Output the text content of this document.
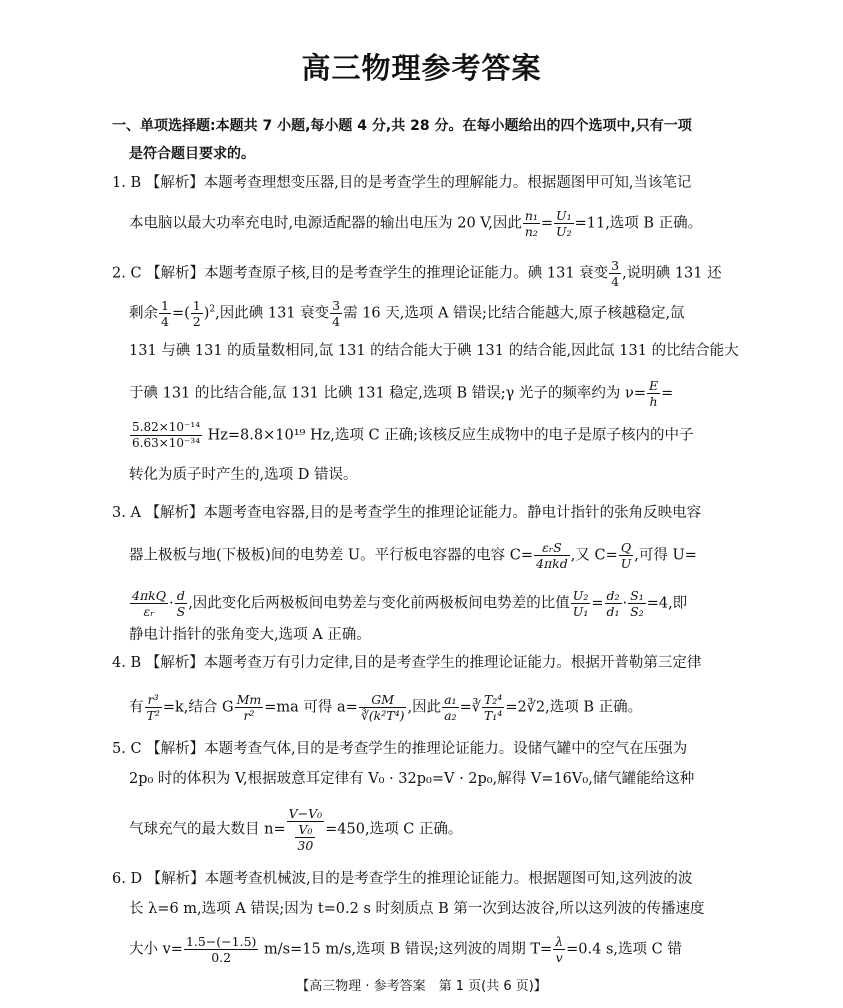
高三物理参考答案
一、单项选择题:本题共 7 小题,每小题 4 分,共 28 分。在每小题给出的四个选项中,只有一项
是符合题目要求的。
1. B 【解析】本题考查理想变压器,目的是考查学生的理解能力。根据题图甲可知,当该笔记
本电脑以最大功率充电时,电源适配器的输出电压为 20 V,因此 $\frac{\text{n₁}}{\text{n₂}} = \frac{\text{U₁}}{\text{U₂}} =11$,选项 B 正确。
2. C 【解析】本题考查原子核,目的是考查学生的推理论证能力。碘 131 衰变 $\frac{3}{4}$ ,说明碘 131 还
剩余 $\frac{1}{4}$ =( $\frac{1}{2} )^2$,因此碘 131 衰变 $\frac{3}{4}$ 需 16 天,选项 A 错误;比结合能越大,原子核越稳定,氙
131 与碘 131 的质量数相同,氙 131 的结合能大于碘 131 的结合能,因此氙 131 的比结合能大
于碘 131 的比结合能,氙 131 比碘 131 稳定,选项 B 错误;γ 光子的频率约为 $\nu= \frac{E}{h}$ =
$\frac{\text{5.82×10⁻¹⁴}}{\text{6.63×10⁻³⁴}} Hz=8.8\times 10^{19}$ Hz,选项 C 正确;该核反应生成物中的电子是原子核内的中子
转化为质子时产生的,选项 D 错误。
3. A 【解析】本题考查电容器,目的是考查学生的推理论证能力。静电计指针的张角反映电容
器上极板与地(下极板)间的电势差 U。平行板电容器的电容 C= εᵣS
4πkd ,又 $C= \frac{Q}{U}$ ,可得 U=
4πkQ
εᵣ · $\frac{d}{S}$ ,因此变化后两极板间电势差与变化前两极板间电势差的比值 $\frac{\text{U₂}}{\text{U₁}} = \frac{\text{d₂}}{\text{d₁}} \cdot \frac{\text{S₁}}{\text{S₂}} =4$,即
静电计指针的张角变大,选项 A 正确。
4. B 【解析】本题考查万有引力定律,目的是考查学生的推理论证能力。根据开普勒第三定律
有 $\frac{\text{r³}}{\text{T²}} =k$,结合 G $\frac{Mm}{\text{r²}} =ma$ 可得 $a= \frac{GM}{\text{∛(k²T⁴)}}$ ,因此 $\frac{\text{a₁}}{\text{a₂}}$ =∛ $\frac{\text{T₂⁴}}{\text{T₁⁴}}$ =2∛2,选项 B 正确。
5. C 【解析】本题考查气体,目的是考查学生的推理论证能力。设储气罐中的空气在压强为
2p₀ 时的体积为 V,根据玻意耳定律有 V₀ · 32p₀=V · 2p₀,解得 V=16V₀,储气罐能给这种
气球充气的最大数目 $n= \frac{\text{V−V₀}}{\frac{\text{V₀}}{30}} =450$,选项 C 正确。
6. D 【解析】本题考查机械波,目的是考查学生的推理论证能力。根据题图可知,这列波的波
长 λ=6 m,选项 A 错误;因为 t=0.2 s 时刻质点 B 第一次到达波谷,所以这列波的传播速度
大小 $v= \frac{1.5-(-1.5)}{0.2} m/s=15$ m/s,选项 B 错误;这列波的周期 $T= \frac{\lambda}{v} =0.4$ s,选项 C 错
【高三物理 · 参考答案　第 1 页(共 6 页)】
